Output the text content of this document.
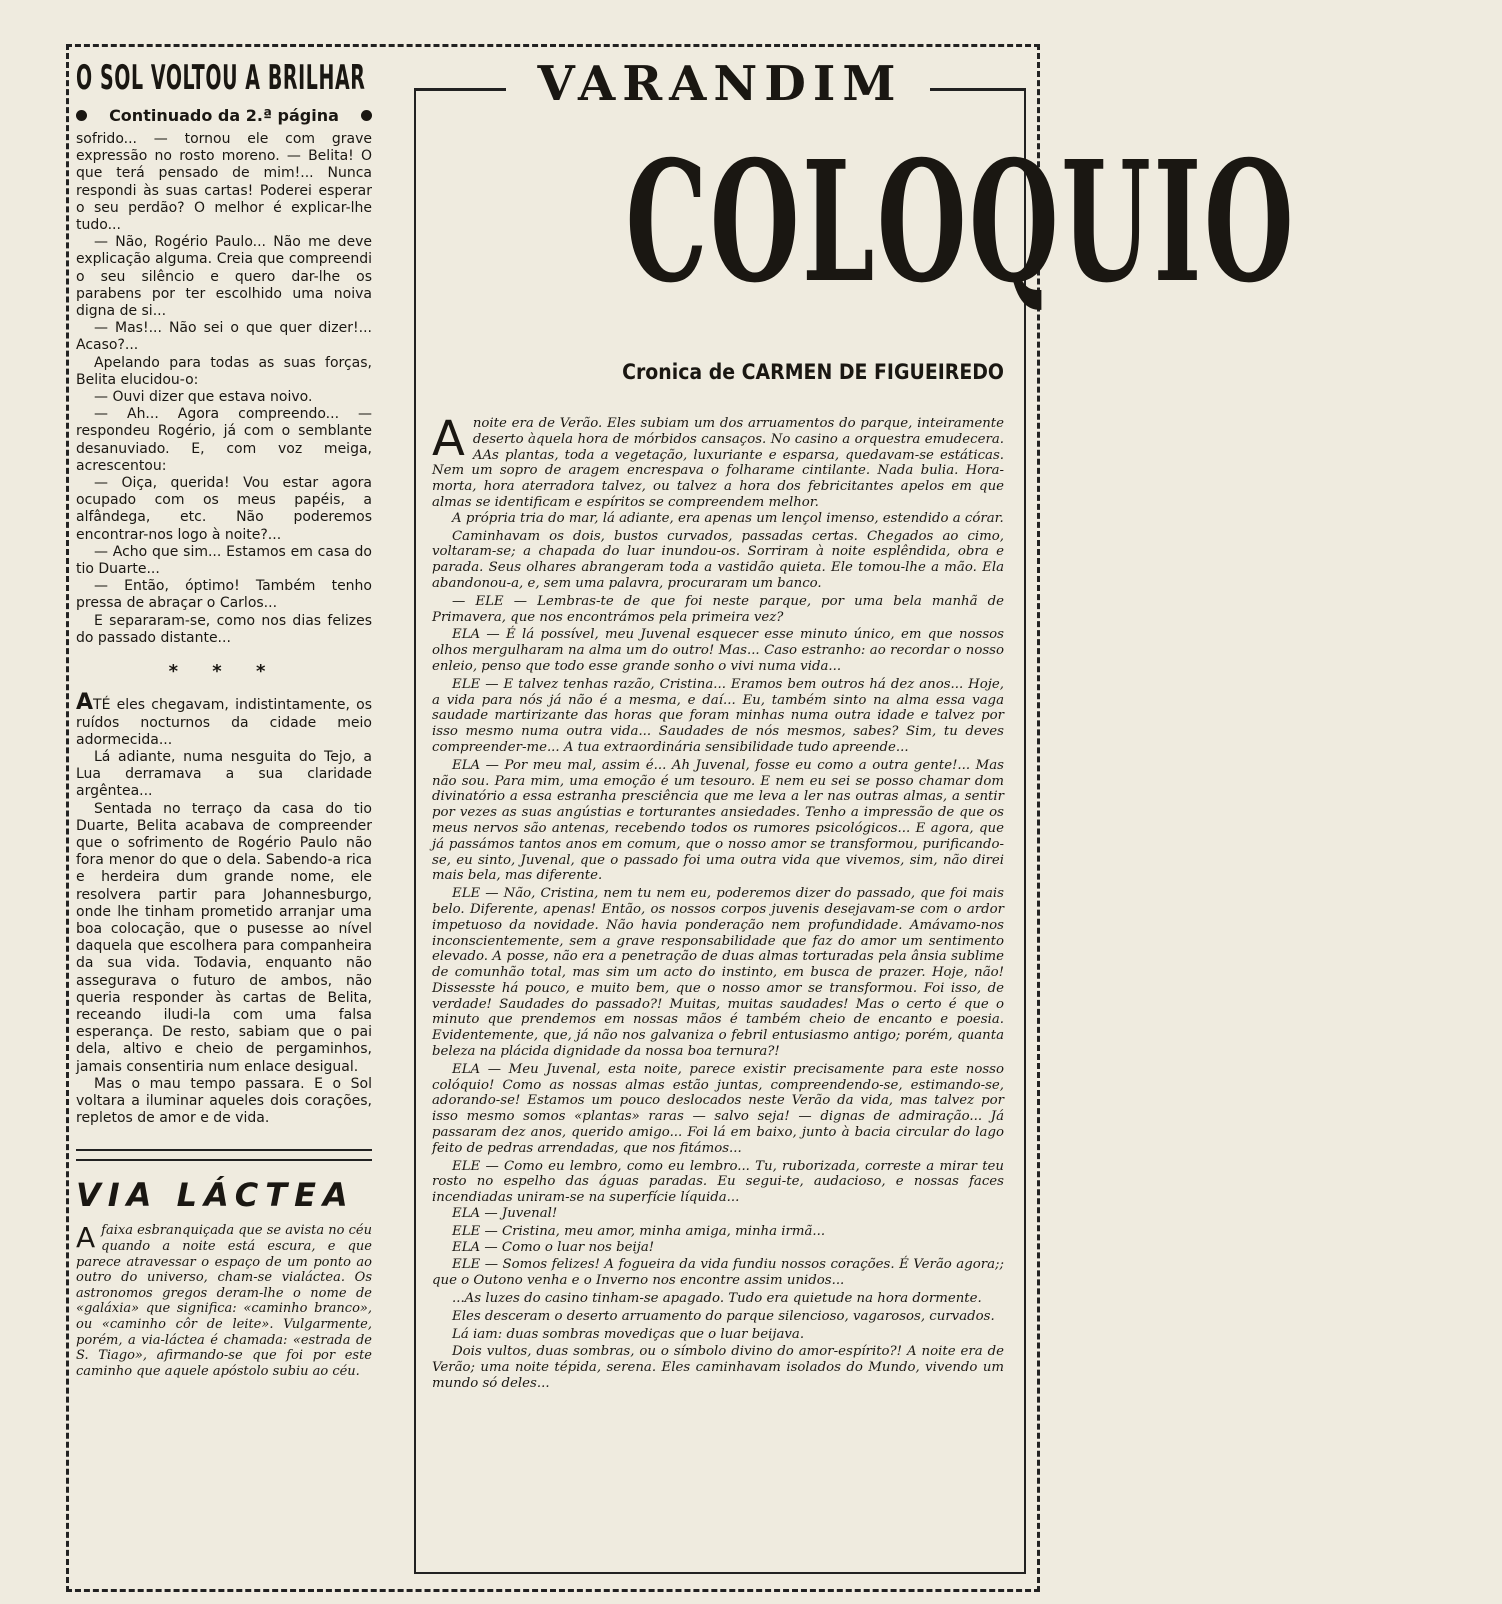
O SOL VOLTOU A BRILHAR
Continuado da 2.ª página

sofrido... — tornou ele com grave expressão no rosto moreno. — Belita! O que terá pensado de mim!... Nunca respondi às suas cartas! Poderei esperar o seu perdão? O melhor é explicar-lhe tudo...

— Não, Rogério Paulo... Não me deve explicação alguma. Creia que compreendi o seu silêncio e quero dar-lhe os parabens por ter escolhido uma noiva digna de si...

— Mas!... Não sei o que quer dizer!... Acaso?...

Apelando para todas as suas forças, Belita elucidou-o:

— Ouvi dizer que estava noivo.

— Ah... Agora compreendo... — respondeu Rogério, já com o semblante desanuviado. E, com voz meiga, acrescentou:

— Oiça, querida! Vou estar agora ocupado com os meus papéis, a alfândega, etc. Não poderemos encontrar-nos logo à noite?...

— Acho que sim... Estamos em casa do tio Duarte...

— Então, óptimo! Também tenho pressa de abraçar o Carlos...

E separaram-se, como nos dias felizes do passado distante...

* * *

ATÉ eles chegavam, indistintamente, os ruídos nocturnos da cidade meio adormecida...

Lá adiante, numa nesguita do Tejo, a Lua derramava a sua claridade argêntea...

Sentada no terraço da casa do tio Duarte, Belita acabava de compreender que o sofrimento de Rogério Paulo não fora menor do que o dela. Sabendo-a rica e herdeira dum grande nome, ele resolvera partir para Johannesburgo, onde lhe tinham prometido arranjar uma boa colocação, que o pusesse ao nível daquela que escolhera para companheira da sua vida. Todavia, enquanto não assegurava o futuro de ambos, não queria responder às cartas de Belita, receando iludi-la com uma falsa esperança. De resto, sabiam que o pai dela, altivo e cheio de pergaminhos, jamais consentiria num enlace desigual.

Mas o mau tempo passara. E o Sol voltara a iluminar aqueles dois corações, repletos de amor e de vida.

VIA LÁCTEA
A faixa esbranquiçada que se avista no céu quando a noite está escura, e que parece atravessar o espaço de um ponto ao outro do universo, cham-se vialáctea. Os astronomos gregos deram-lhe o nome de «galáxia» que significa: «caminho branco», ou «caminho côr de leite». Vulgarmente, porém, a via-láctea é chamada: «estrada de S. Tiago», afirmando-se que foi por este caminho que aquele apóstolo subiu ao céu.
VARANDIM
COLOQUIO
Cronica de CARMEN DE FIGUEIREDO

Anoite era de Verão. Eles subiam um dos arruamentos do parque, inteiramente deserto àquela hora de mórbidos cansaços. No casino a orquestra emudecera. AAs plantas, toda a vegetação, luxuriante e esparsa, quedavam-se estáticas. Nem um sopro de aragem encrespava o folharame cintilante. Nada bulia. Hora-morta, hora aterradora talvez, ou talvez a hora dos febricitantes apelos em que almas se identificam e espíritos se compreendem melhor.

A própria tria do mar, lá adiante, era apenas um lençol imenso, estendido a córar.

Caminhavam os dois, bustos curvados, passadas certas. Chegados ao cimo, voltaram-se; a chapada do luar inundou-os. Sorriram à noite esplêndida, obra e parada. Seus olhares abrangeram toda a vastidão quieta. Ele tomou-lhe a mão. Ela abandonou-a, e, sem uma palavra, procuraram um banco.

— ELE — Lembras-te de que foi neste parque, por uma bela manhã de Primavera, que nos encontrámos pela primeira vez?

ELA — É lá possível, meu Juvenal esquecer esse minuto único, em que nossos olhos mergulharam na alma um do outro! Mas... Caso estranho: ao recordar o nosso enleio, penso que todo esse grande sonho o vivi numa vida...

ELE — E talvez tenhas razão, Cristina... Eramos bem outros há dez anos... Hoje, a vida para nós já não é a mesma, e daí... Eu, também sinto na alma essa vaga saudade martirizante das horas que foram minhas numa outra idade e talvez por isso mesmo numa outra vida... Saudades de nós mesmos, sabes? Sim, tu deves compreender-me... A tua extraordinária sensibilidade tudo apreende...

ELA — Por meu mal, assim é... Ah Juvenal, fosse eu como a outra gente!... Mas não sou. Para mim, uma emoção é um tesouro. E nem eu sei se posso chamar dom divinatório a essa estranha presciência que me leva a ler nas outras almas, a sentir por vezes as suas angústias e torturantes ansiedades. Tenho a impressão de que os meus nervos são antenas, recebendo todos os rumores psicológicos... E agora, que já passámos tantos anos em comum, que o nosso amor se transformou, purificando-se, eu sinto, Juvenal, que o passado foi uma outra vida que vivemos, sim, não direi mais bela, mas diferente.

ELE — Não, Cristina, nem tu nem eu, poderemos dizer do passado, que foi mais belo. Diferente, apenas! Então, os nossos corpos juvenis desejavam-se com o ardor impetuoso da novidade. Não havia ponderação nem profundidade. Amávamo-nos inconscientemente, sem a grave responsabilidade que faz do amor um sentimento elevado. A posse, não era a penetração de duas almas torturadas pela ânsia sublime de comunhão total, mas sim um acto do instinto, em busca de prazer. Hoje, não! Dissesste há pouco, e muito bem, que o nosso amor se transformou. Foi isso, de verdade! Saudades do passado?! Muitas, muitas saudades! Mas o certo é que o minuto que prendemos em nossas mãos é também cheio de encanto e poesia. Evidentemente, que, já não nos galvaniza o febril entusiasmo antigo; porém, quanta beleza na plácida dignidade da nossa boa ternura?!

ELA — Meu Juvenal, esta noite, parece existir precisamente para este nosso colóquio! Como as nossas almas estão juntas, compreendendo-se, estimando-se, adorando-se! Estamos um pouco deslocados neste Verão da vida, mas talvez por isso mesmo somos «plantas» raras — salvo seja! — dignas de admiração... Já passaram dez anos, querido amigo... Foi lá em baixo, junto à bacia circular do lago feito de pedras arrendadas, que nos fitámos...

ELE — Como eu lembro, como eu lembro... Tu, ruborizada, correste a mirar teu rosto no espelho das águas paradas. Eu segui-te, audacioso, e nossas faces incendiadas uniram-se na superfície líquida...

ELA — Juvenal!

ELE — Cristina, meu amor, minha amiga, minha irmã...

ELA — Como o luar nos beija!

ELE — Somos felizes! A fogueira da vida fundiu nossos corações. É Verão agora;; que o Outono venha e o Inverno nos encontre assim unidos...

...As luzes do casino tinham-se apagado. Tudo era quietude na hora dormente.

Eles desceram o deserto arruamento do parque silencioso, vagarosos, curvados.

Lá iam: duas sombras movediças que o luar beijava.

Dois vultos, duas sombras, ou o símbolo divino do amor-espírito?! A noite era de Verão; uma noite tépida, serena. Eles caminhavam isolados do Mundo, vivendo um mundo só deles...
